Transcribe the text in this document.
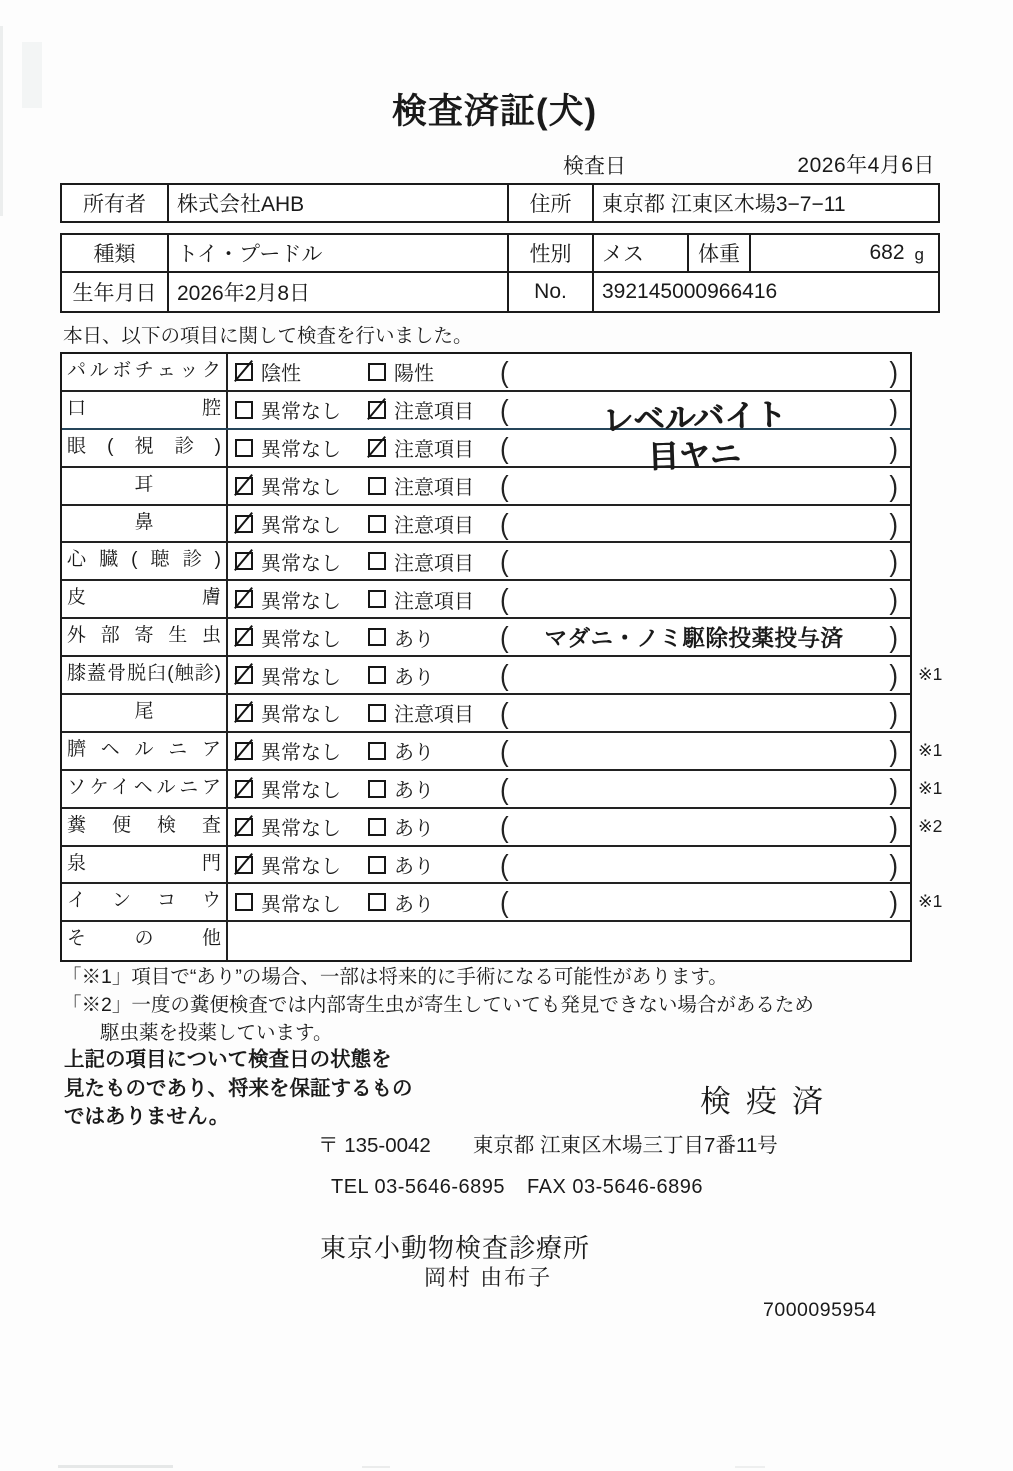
検査済証(犬)
検査日	2026年4月6日
所有者	株式会社AHB	住所	東京都 江東区木場3−7−11
種類	トイ・プードル	性別	メス	体重	682 g
生年月日 2026年2月8日	No.	392145000966416
本日、以下の項目に関して検査を行いました。
パルボチェック	陰性	陽性	(	)
口腔	異常なし	注意項目 (	レベルバイト	)
眼(視診)	異常なし	注意項目 (	目ヤニ	)
耳	異常なし	注意項目 (	)
鼻	異常なし	注意項目 (	)
心臓(聴診)	異常なし	注意項目 (	)
皮膚	異常なし	注意項目 (	)
外部寄生虫	異常なし	あり	(	マダニ・ノミ駆除投薬投与済	)
膝蓋骨脱臼(触診)	異常なし	あり	(	) ※1
尾	異常なし	注意項目 (	)
臍ヘルニア	異常なし	あり	(	) ※1
ソケイヘルニア	異常なし	あり	(	) ※1
糞便検査	異常なし	あり	(	) ※2
泉門	異常なし	あり	(	)
インコウ	異常なし	あり	(	) ※1
その他
「※1」項目で“あり”の場合、一部は将来的に手術になる可能性があります。
「※2」一度の糞便検査では内部寄生虫が寄生していても発見できない場合があるため
駆虫薬を投薬しています。
上記の項目について検査日の状態を
見たものであり、将来を保証するもの
ではありません。	検疫済
〒 135-0042 東京都 江東区木場三丁目7番11号
TEL 03-5646-6895 FAX 03-5646-6896
東京小動物検査診療所
岡村 由布子
7000095954
